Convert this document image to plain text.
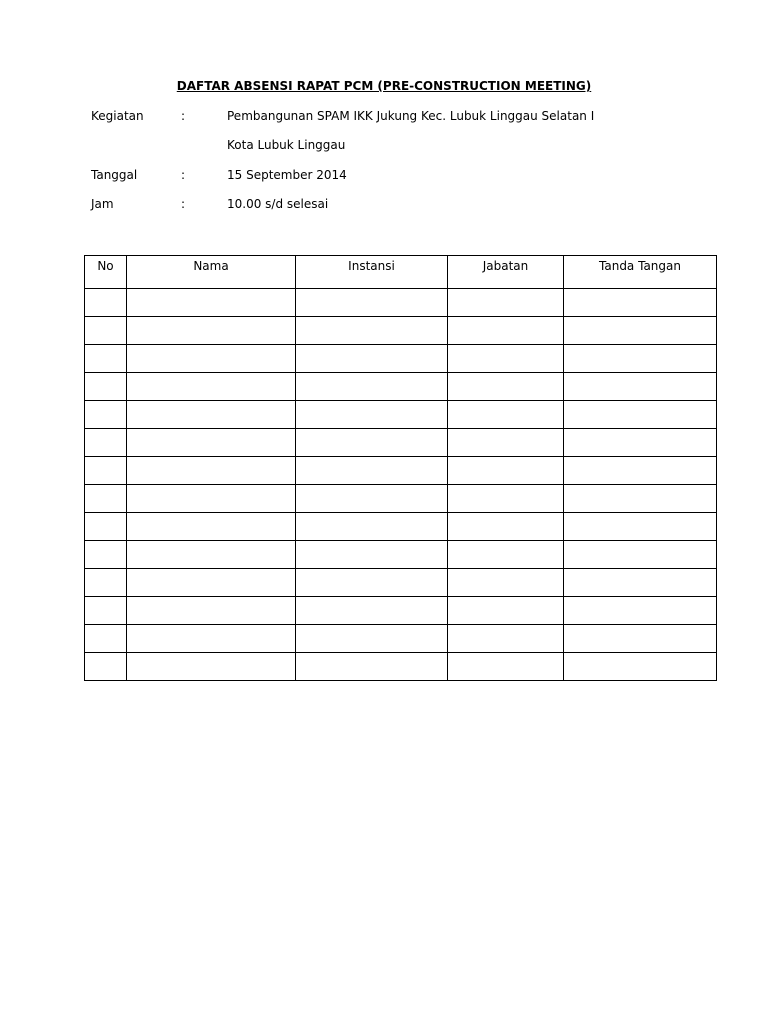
DAFTAR ABSENSI RAPAT PCM (PRE-CONSTRUCTION MEETING)
Kegiatan	:	Pembangunan SPAM IKK Jukung Kec. Lubuk Linggau Selatan I
Kota Lubuk Linggau
Tanggal	:	15 September 2014
Jam	:	10.00 s/d selesai
No	Nama	Instansi	Jabatan	Tanda Tangan
